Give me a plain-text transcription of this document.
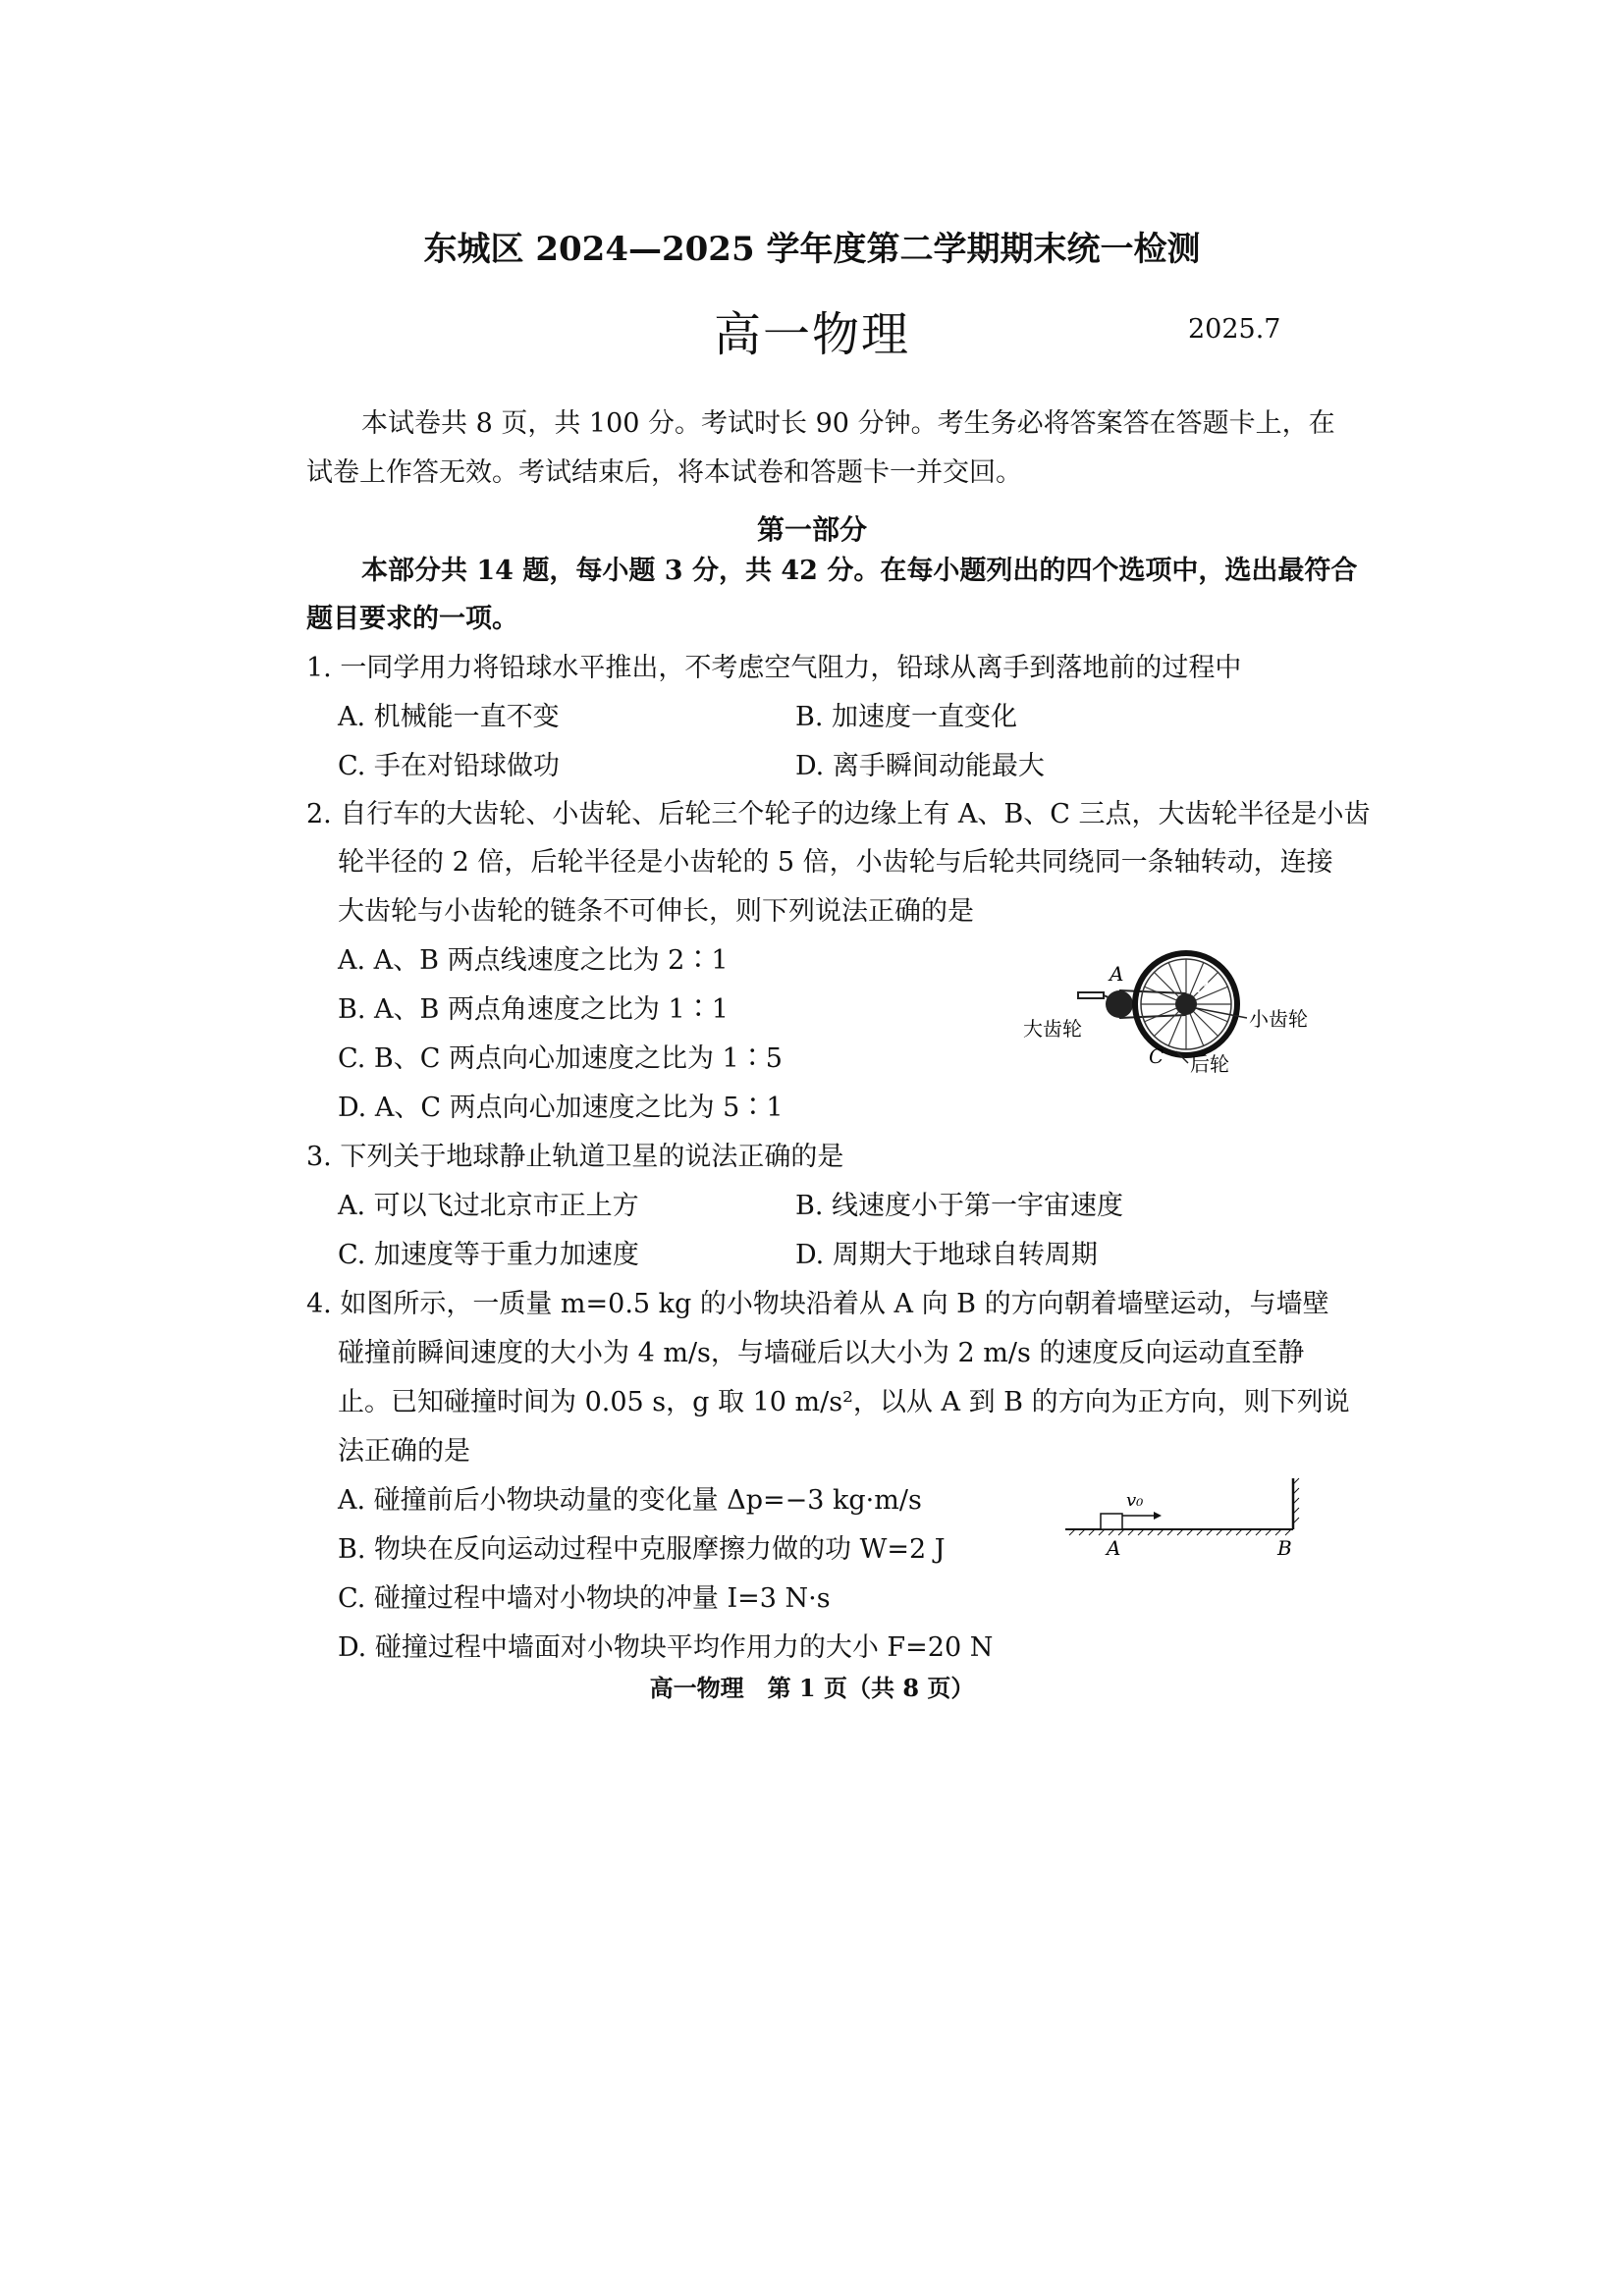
东城区 2024—2025 学年度第二学期期末统一检测
高一物理	2025.7
本试卷共 8 页，共 100 分。考试时长 90 分钟。考生务必将答案答在答题卡上，在
试卷上作答无效。考试结束后，将本试卷和答题卡一并交回。
第一部分
本部分共 14 题，每小题 3 分，共 42 分。在每小题列出的四个选项中，选出最符合
题目要求的一项。
1. 一同学用力将铅球水平推出，不考虑空气阻力，铅球从离手到落地前的过程中
A. 机械能一直不变	B. 加速度一直变化
C. 手在对铅球做功	D. 离手瞬间动能最大
2. 自行车的大齿轮、小齿轮、后轮三个轮子的边缘上有 A、B、C 三点，大齿轮半径是小齿
轮半径的 2 倍，后轮半径是小齿轮的 5 倍，小齿轮与后轮共同绕同一条轴转动，连接
大齿轮与小齿轮的链条不可伸长，则下列说法正确的是
A. A、B 两点线速度之比为 2∶1
B. A、B 两点角速度之比为 1∶1
C. B、C 两点向心加速度之比为 1∶5
D. A、C 两点向心加速度之比为 5∶1
A
B
C
大齿轮	小齿轮
后轮
3. 下列关于地球静止轨道卫星的说法正确的是
A. 可以飞过北京市正上方	B. 线速度小于第一宇宙速度
C. 加速度等于重力加速度	D. 周期大于地球自转周期
4. 如图所示，一质量 m=0.5 kg 的小物块沿着从 A 向 B 的方向朝着墙壁运动，与墙壁
碰撞前瞬间速度的大小为 4 m/s，与墙碰后以大小为 2 m/s 的速度反向运动直至静
止。已知碰撞时间为 0.05 s，g 取 10 m/s²，以从 A 到 B 的方向为正方向，则下列说
法正确的是
A. 碰撞前后小物块动量的变化量 Δp=−3 kg·m/s
B. 物块在反向运动过程中克服摩擦力做的功 W=2 J
C. 碰撞过程中墙对小物块的冲量 I=3 N·s
D. 碰撞过程中墙面对小物块平均作用力的大小 F=20 N
v₀
A	B
高一物理　第 1 页（共 8 页）
